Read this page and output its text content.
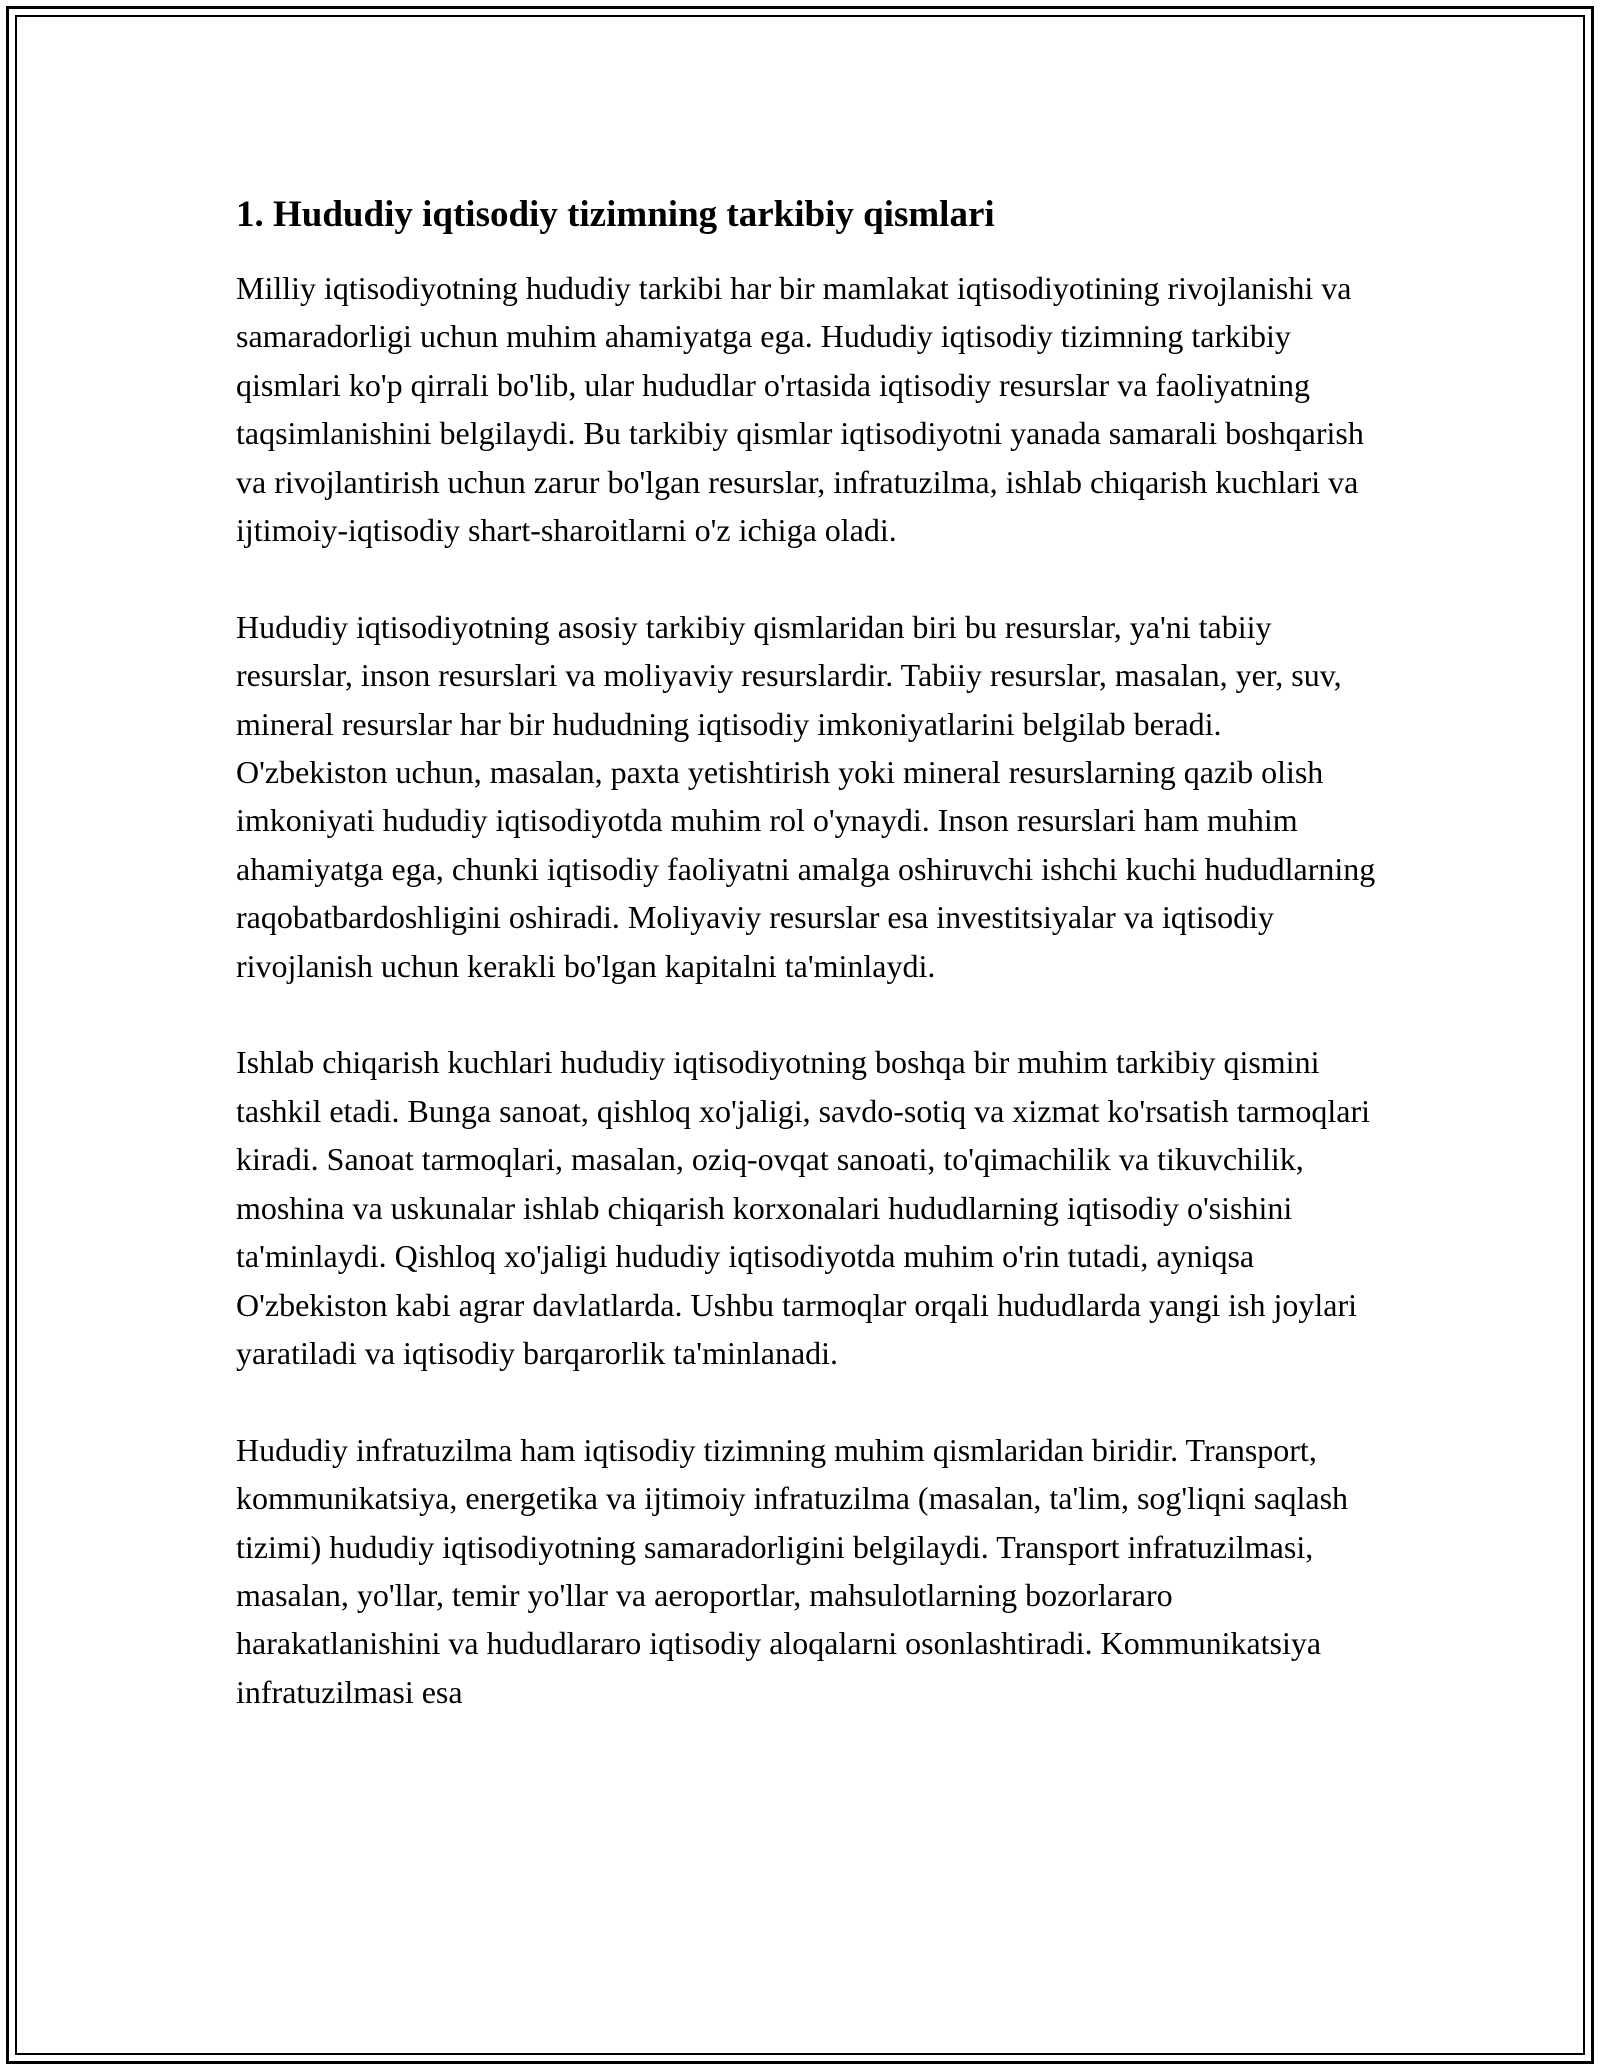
1. Hududiy iqtisodiy tizimning tarkibiy qismlari

Milliy iqtisodiyotning hududiy tarkibi har bir mamlakat iqtisodiyotining rivojlanishi va samaradorligi uchun muhim ahamiyatga ega. Hududiy iqtisodiy tizimning tarkibiy qismlari ko'p qirrali bo'lib, ular hududlar o'rtasida iqtisodiy resurslar va faoliyatning taqsimlanishini belgilaydi. Bu tarkibiy qismlar iqtisodiyotni yanada samarali boshqarish va rivojlantirish uchun zarur bo'lgan resurslar, infratuzilma, ishlab chiqarish kuchlari va ijtimoiy-iqtisodiy shart-sharoitlarni o'z ichiga oladi.

Hududiy iqtisodiyotning asosiy tarkibiy qismlaridan biri bu resurslar, ya'ni tabiiy resurslar, inson resurslari va moliyaviy resurslardir. Tabiiy resurslar, masalan, yer, suv, mineral resurslar har bir hududning iqtisodiy imkoniyatlarini belgilab beradi. O'zbekiston uchun, masalan, paxta yetishtirish yoki mineral resurslarning qazib olish imkoniyati hududiy iqtisodiyotda muhim rol o'ynaydi. Inson resurslari ham muhim ahamiyatga ega, chunki iqtisodiy faoliyatni amalga oshiruvchi ishchi kuchi hududlarning raqobatbardoshligini oshiradi. Moliyaviy resurslar esa investitsiyalar va iqtisodiy rivojlanish uchun kerakli bo'lgan kapitalni ta'minlaydi.

Ishlab chiqarish kuchlari hududiy iqtisodiyotning boshqa bir muhim tarkibiy qismini tashkil etadi. Bunga sanoat, qishloq xo'jaligi, savdo-sotiq va xizmat ko'rsatish tarmoqlari kiradi. Sanoat tarmoqlari, masalan, oziq-ovqat sanoati, to'qimachilik va tikuvchilik, moshina va uskunalar ishlab chiqarish korxonalari hududlarning iqtisodiy o'sishini ta'minlaydi. Qishloq xo'jaligi hududiy iqtisodiyotda muhim o'rin tutadi, ayniqsa O'zbekiston kabi agrar davlatlarda. Ushbu tarmoqlar orqali hududlarda yangi ish joylari yaratiladi va iqtisodiy barqarorlik ta'minlanadi.

Hududiy infratuzilma ham iqtisodiy tizimning muhim qismlaridan biridir. Transport, kommunikatsiya, energetika va ijtimoiy infratuzilma (masalan, ta'lim, sog'liqni saqlash tizimi) hududiy iqtisodiyotning samaradorligini belgilaydi. Transport infratuzilmasi, masalan, yo'llar, temir yo'llar va aeroportlar, mahsulotlarning bozorlararo harakatlanishini va hududlararo iqtisodiy aloqalarni osonlashtiradi. Kommunikatsiya infratuzilmasi esa
